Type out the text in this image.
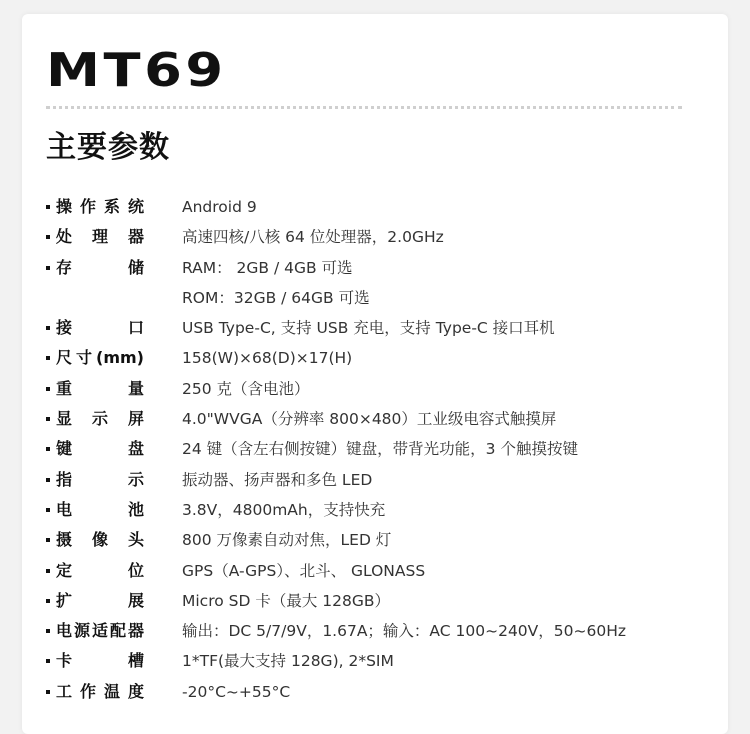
MT69
主要参数
操作系统 Android 9
处理器 高速四核/八核 64 位处理器，2.0GHz
存储 RAM： 2GB / 4GB 可选
ROM：32GB / 64GB 可选
接口 USB Type-C, 支持 USB 充电，支持 Type-C 接口耳机
尺寸(mm) 158(W)×68(D)×17(H)
重量 250 克（含电池）
显示屏 4.0"WVGA（分辨率 800×480）工业级电容式触摸屏
键盘 24 键（含左右侧按键）键盘，带背光功能，3 个触摸按键
指示 振动器、扬声器和多色 LED
电池 3.8V，4800mAh，支持快充
摄像头 800 万像素自动对焦，LED 灯
定位 GPS（A-GPS）、北斗、 GLONASS
扩展 Micro SD 卡（最大 128GB）
电源适配器 输出：DC 5/7/9V，1.67A；输入：AC 100~240V，50~60Hz
卡槽 1*TF(最大支持 128G), 2*SIM
工作温度 -20°C~+55°C
